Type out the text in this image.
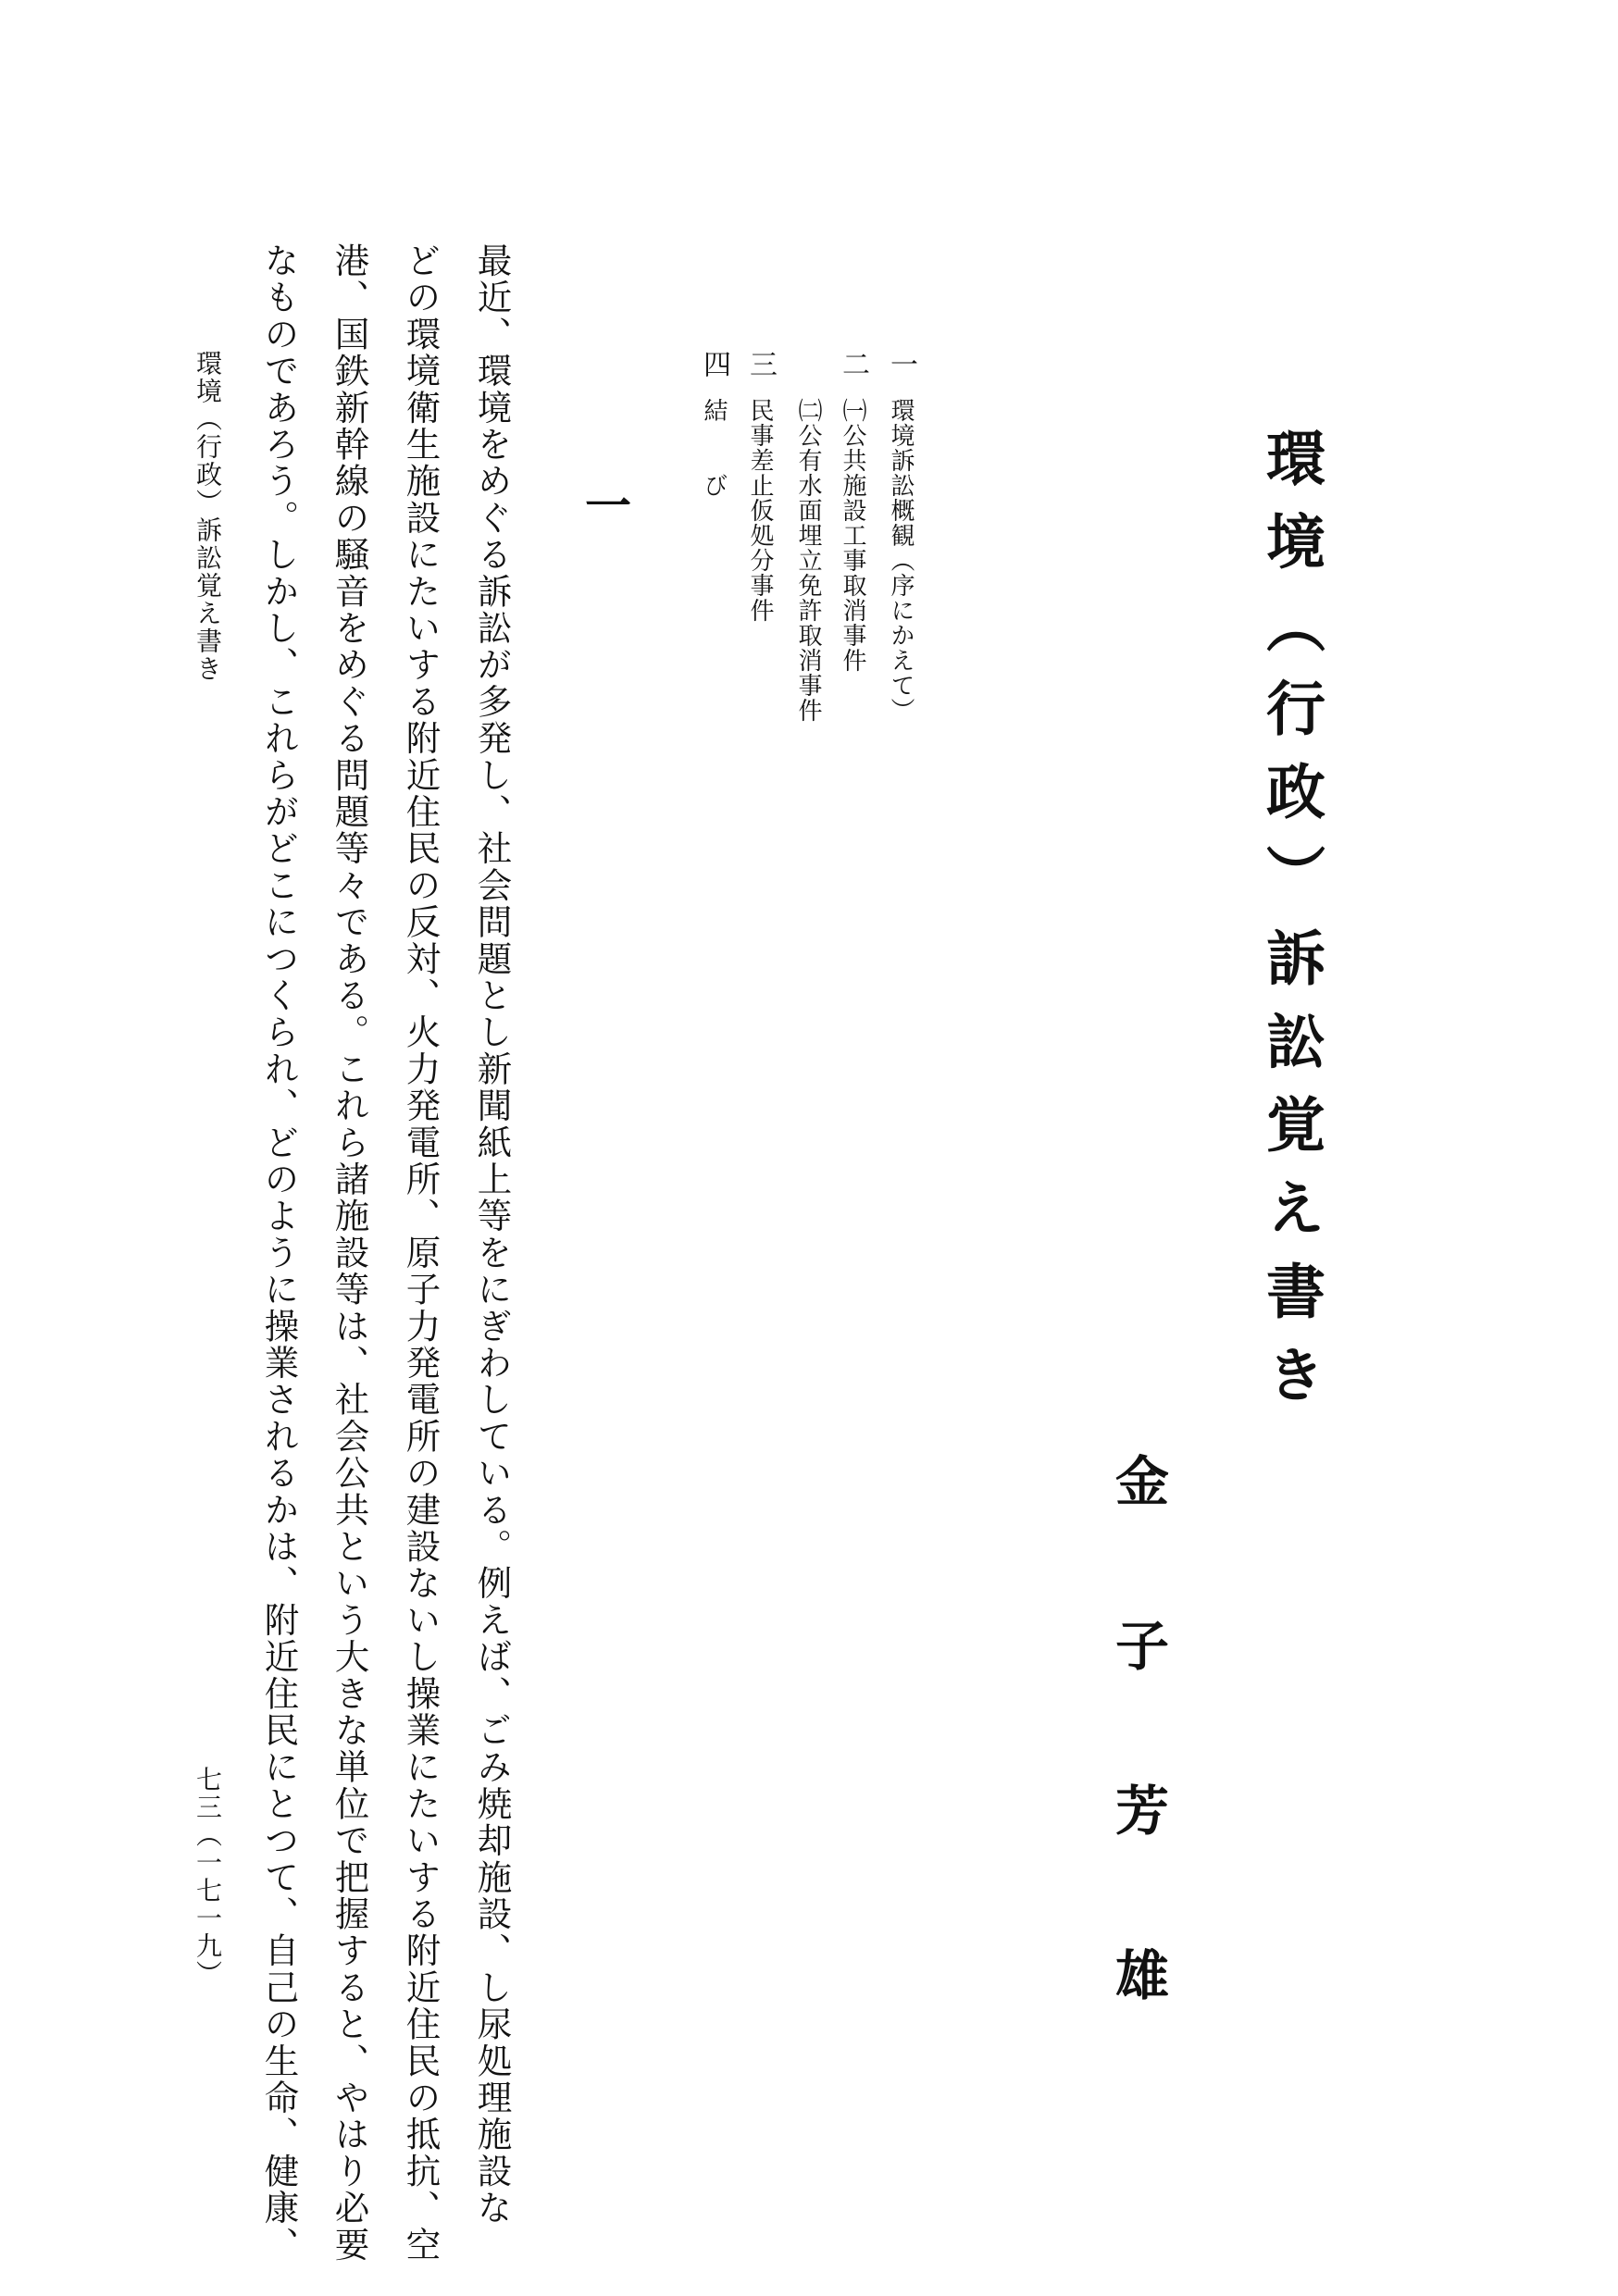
環境（行政）訴訟覚え書き
金子芳雄
一
環境訴訟概観（序にかえて）
二
㈠公共施設工事取消事件
㈡公有水面埋立免許取消事件
三
民事差止仮処分事件
四
結　　び
一
最近、環境をめぐる訴訟が多発し、社会問題とし新聞紙上等をにぎわしている。例えば、ごみ焼却施設、し尿処理施設な
どの環境衛生施設にたいする附近住民の反対、火力発電所、原子力発電所の建設ないし操業にたいする附近住民の抵抗、空
港、国鉄新幹線の騒音をめぐる問題等々である。これら諸施設等は、社会公共という大きな単位で把握すると、やはり必要
なものであろう。しかし、これらがどこにつくられ、どのように操業されるかは、附近住民にとつて、自己の生命、健康、
環境（行政）訴訟覚え書き
七三（一七一九）
